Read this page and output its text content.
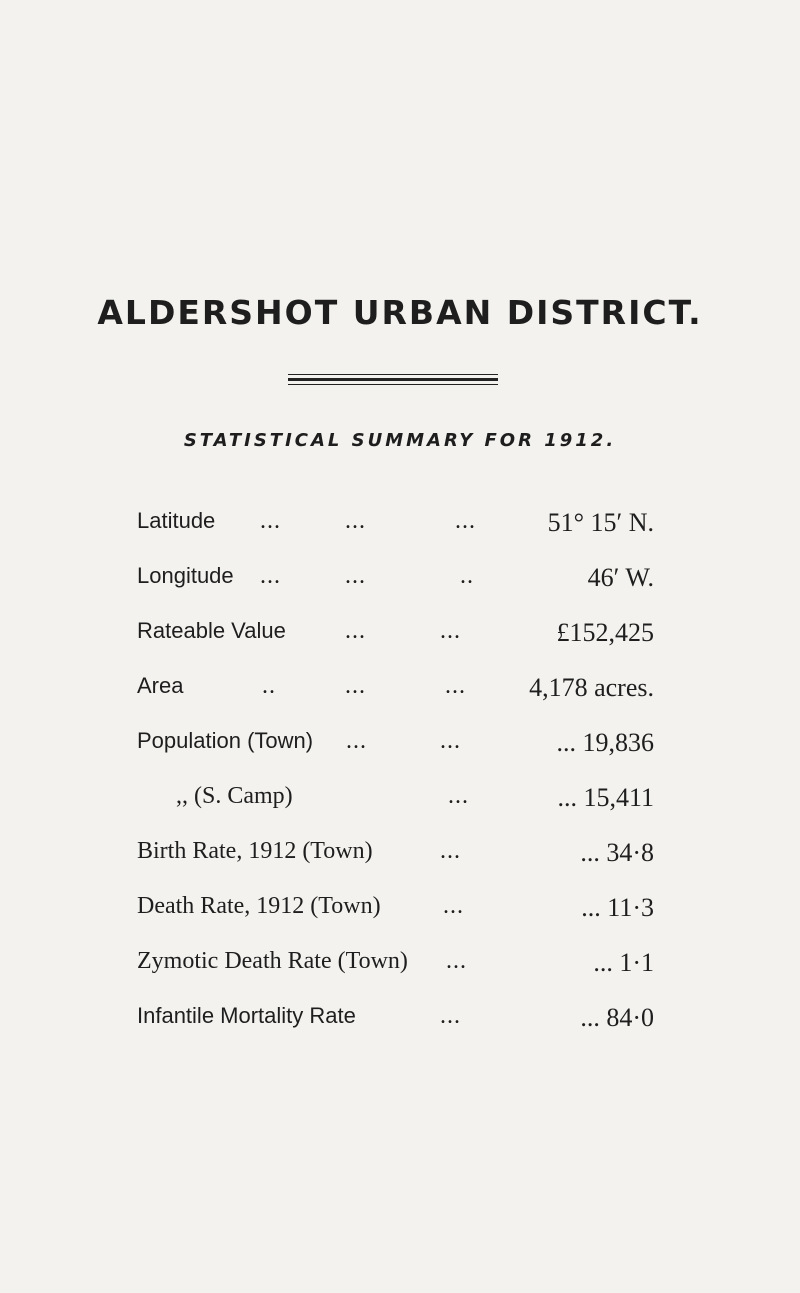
ALDERSHOT URBAN DISTRICT.
STATISTICAL SUMMARY FOR 1912.
Latitude ...	...	...	51° 15′ N.
Longitude ...	...	..	46′ W.
Rateable Value ...	...	£152,425
Area	..	...	... 4,178 acres.
Population (Town) ...	...	... 19,836
,, (S. Camp)	...	... 15,411
Birth Rate, 1912 (Town)	...	... 34·8
Death Rate, 1912 (Town)	...	... 11·3
Zymotic Death Rate (Town) ...	... 1·1
Infantile Mortality Rate	...	... 84·0
